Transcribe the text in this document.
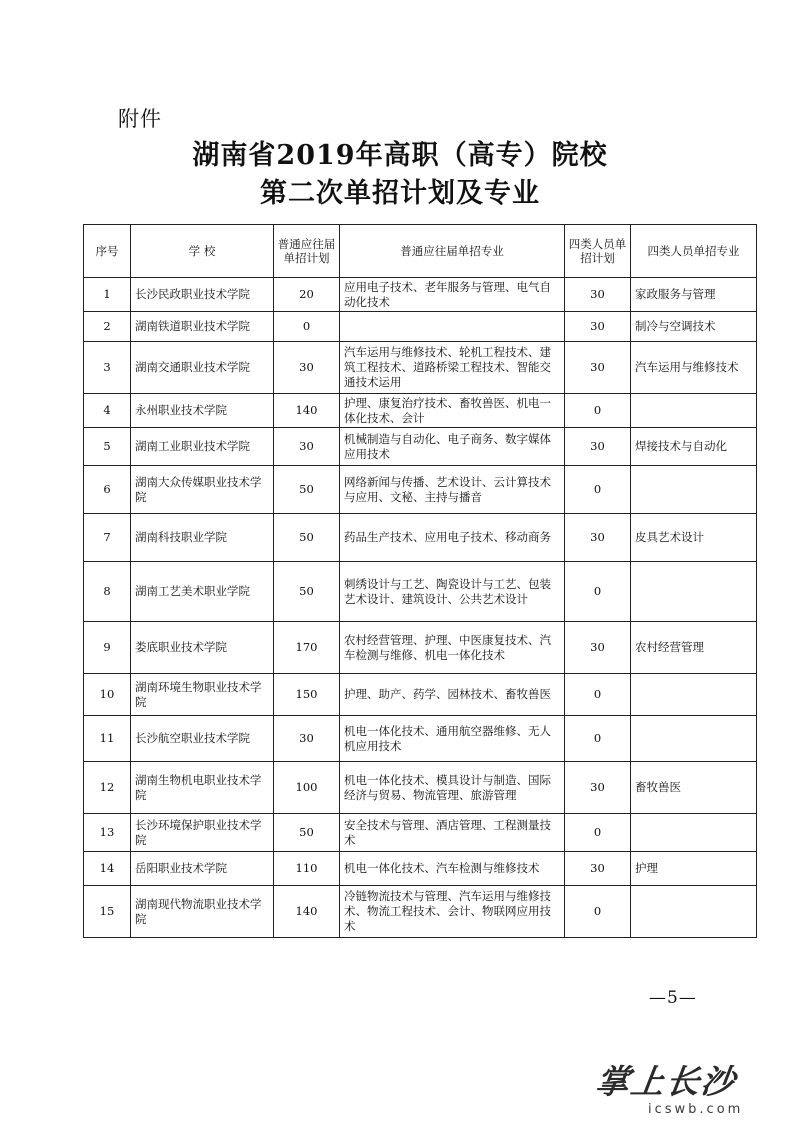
附件
湖南省2019年高职（高专）院校
第二次单招计划及专业
序号	学 校	普通应往届单招计划	普通应往届单招专业	四类人员单招计划	四类人员单招专业
1	长沙民政职业技术学院	20	应用电子技术、老年服务与管理、电气自动化技术	30	家政服务与管理
2	湖南铁道职业技术学院	0		30	制冷与空调技术
3	湖南交通职业技术学院	30	汽车运用与维修技术、轮机工程技术、建筑工程技术、道路桥梁工程技术、智能交通技术运用	30	汽车运用与维修技术
4	永州职业技术学院	140	护理、康复治疗技术、畜牧兽医、机电一体化技术、会计	0	
5	湖南工业职业技术学院	30	机械制造与自动化、电子商务、数字媒体应用技术	30	焊接技术与自动化
6	湖南大众传媒职业技术学院	50	网络新闻与传播、艺术设计、云计算技术与应用、文秘、主持与播音	0	
7	湖南科技职业学院	50	药品生产技术、应用电子技术、移动商务	30	皮具艺术设计
8	湖南工艺美术职业学院	50	刺绣设计与工艺、陶瓷设计与工艺、包装艺术设计、建筑设计、公共艺术设计	0	
9	娄底职业技术学院	170	农村经营管理、护理、中医康复技术、汽车检测与维修、机电一体化技术	30	农村经营管理
10	湖南环境生物职业技术学院	150	护理、助产、药学、园林技术、畜牧兽医	0	
11	长沙航空职业技术学院	30	机电一体化技术、通用航空器维修、无人机应用技术	0	
12	湖南生物机电职业技术学院	100	机电一体化技术、模具设计与制造、国际经济与贸易、物流管理、旅游管理	30	畜牧兽医
13	长沙环境保护职业技术学院	50	安全技术与管理、酒店管理、工程测量技术	0	
14	岳阳职业技术学院	110	机电一体化技术、汽车检测与维修技术	30	护理
15	湖南现代物流职业技术学院	140	冷链物流技术与管理、汽车运用与维修技术、物流工程技术、会计、物联网应用技术	0	
—5—
掌上长沙
icswb.com
